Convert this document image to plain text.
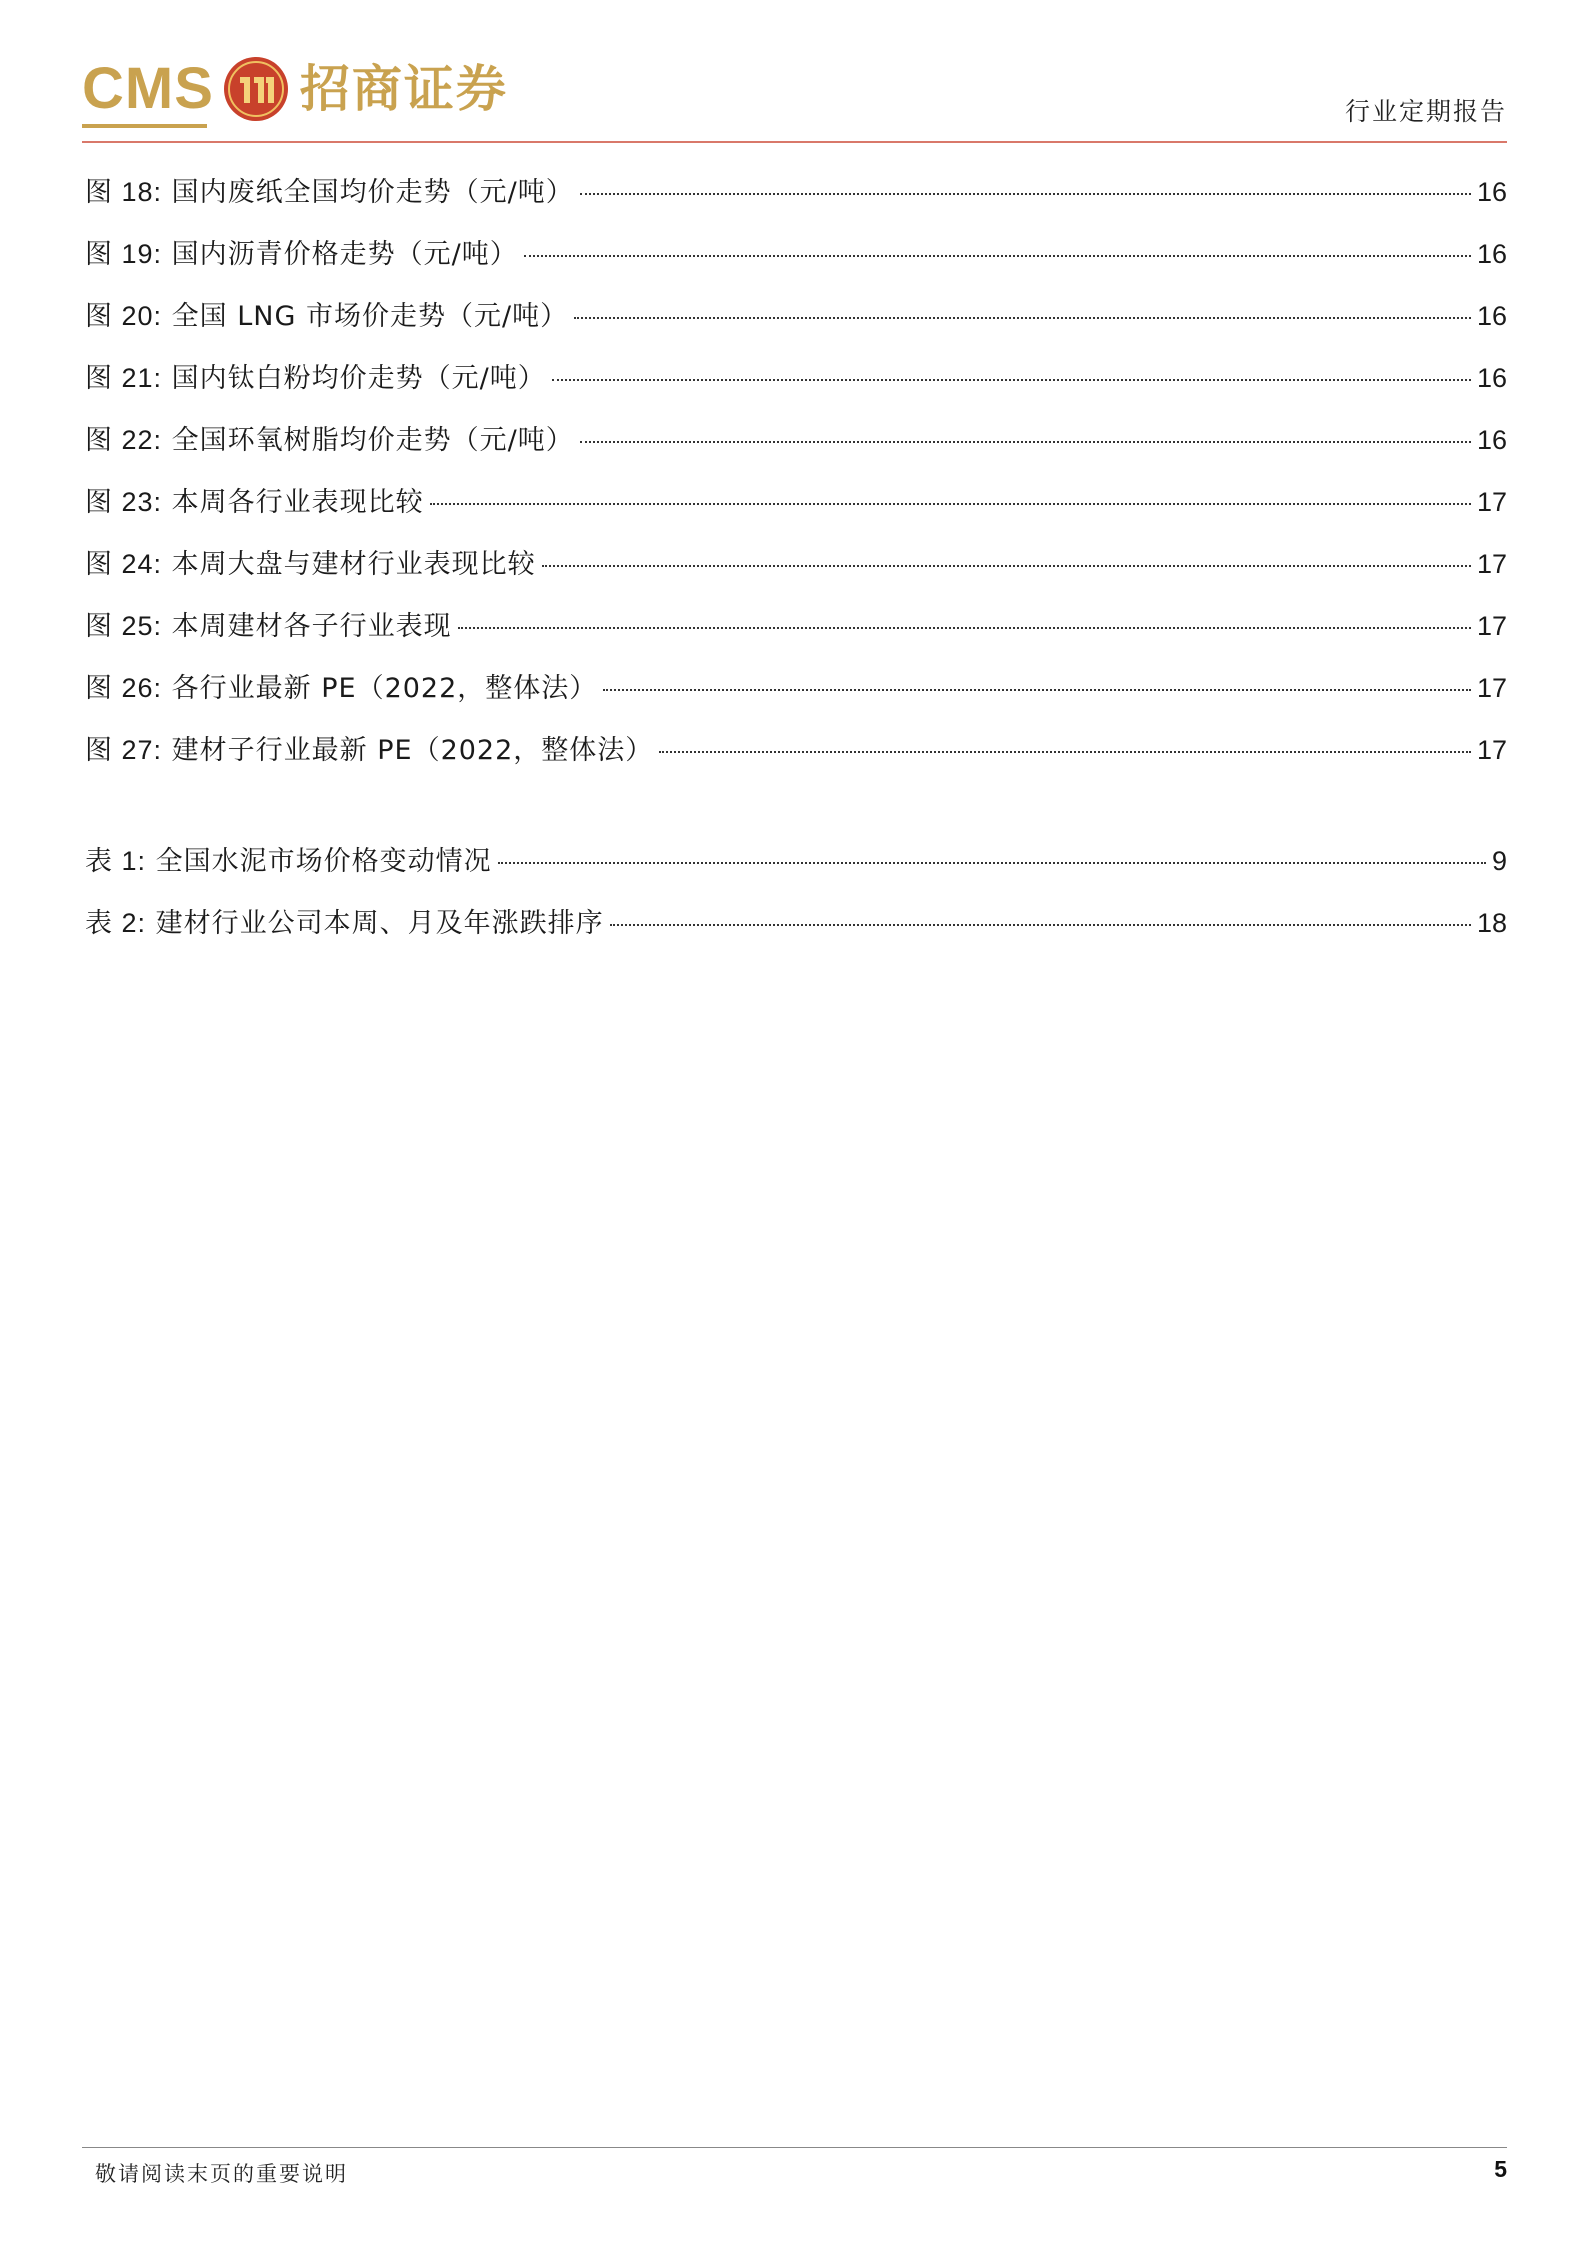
CMS 招商证券	行业定期报告
图 18: 国内废纸全国均价走势（元/吨）	16
图 19: 国内沥青价格走势（元/吨）	16
图 20: 全国 LNG 市场价走势（元/吨）	16
图 21: 国内钛白粉均价走势（元/吨）	16
图 22: 全国环氧树脂均价走势（元/吨）	16
图 23: 本周各行业表现比较	17
图 24: 本周大盘与建材行业表现比较	17
图 25: 本周建材各子行业表现	17
图 26: 各行业最新 PE（2022，整体法）	17
图 27: 建材子行业最新 PE（2022，整体法）	17
表 1: 全国水泥市场价格变动情况	9
表 2: 建材行业公司本周、月及年涨跌排序	18
敬请阅读末页的重要说明	5
